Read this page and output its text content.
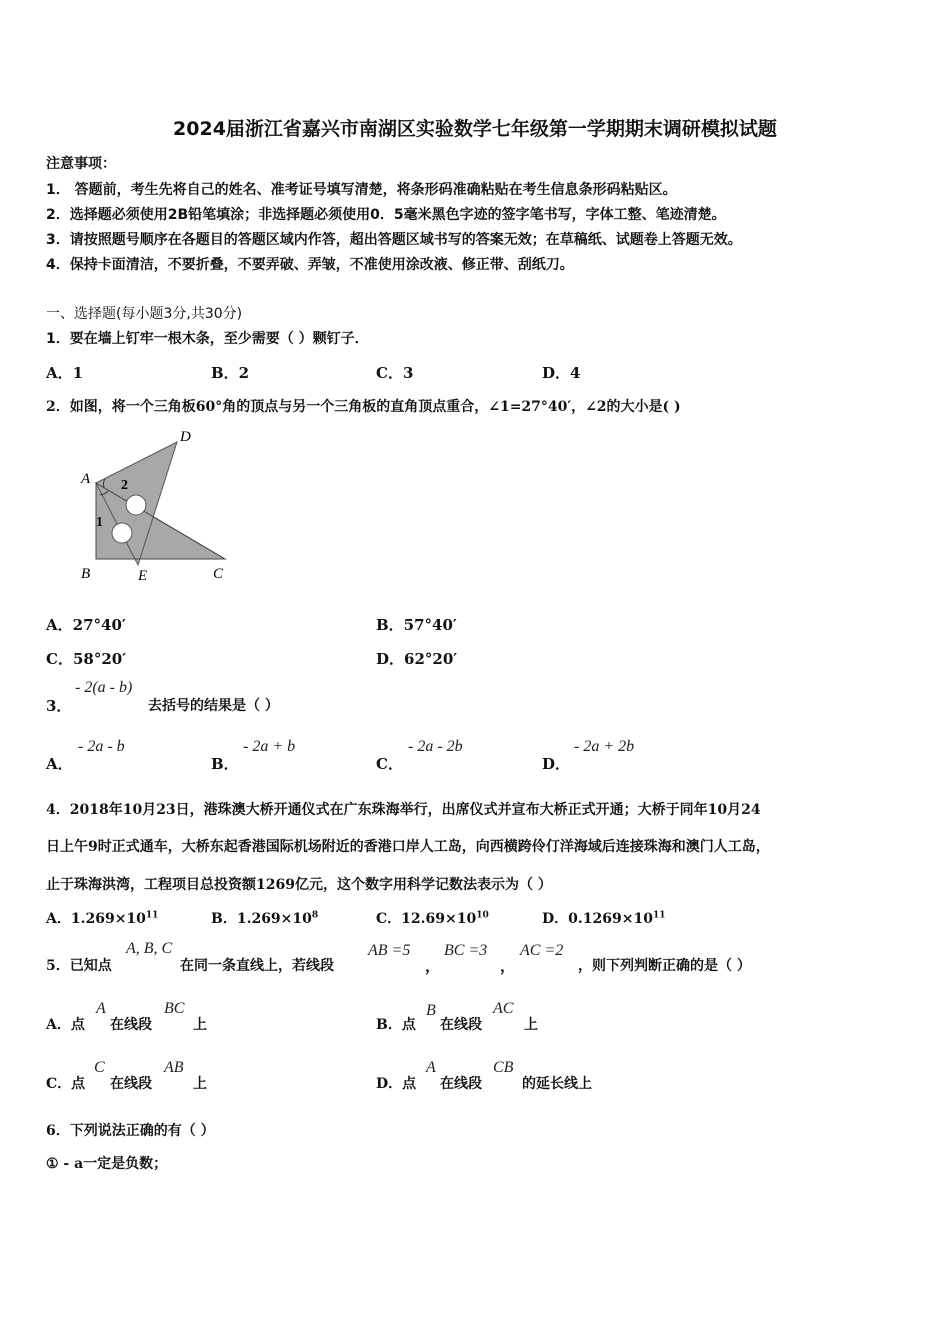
2024届浙江省嘉兴市南湖区实验数学七年级第一学期期末调研模拟试题
注意事项：
1． 答题前，考生先将自己的姓名、准考证号填写清楚，将条形码准确粘贴在考生信息条形码粘贴区。
2．选择题必须使用2B铅笔填涂；非选择题必须使用0．5毫米黑色字迹的签字笔书写，字体工整、笔迹清楚。
3．请按照题号顺序在各题目的答题区域内作答，超出答题区域书写的答案无效；在草稿纸、试题卷上答题无效。
4．保持卡面清洁，不要折叠，不要弄破、弄皱，不准使用涂改液、修正带、刮纸刀。
一、选择题(每小题3分,共30分)
1．要在墙上钉牢一根木条，至少需要（ ）颗钉子．
A．1	B．2	C．3	D．4
2．如图，将一个三角板60°角的顶点与另一个三角板的直角顶点重合，∠1=27°40′，∠2的大小是( )
A
D
B	E	C
2
1
A．27°40′	B．57°40′
C．58°20′	D．62°20′
3．
- 2(a - b)
去括号的结果是（ ）
A．
- 2a - b
B．
- 2a + b
C．
- 2a - 2b
D．
- 2a + 2b
4．2018年10月23日，港珠澳大桥开通仪式在广东珠海举行，出席仪式并宣布大桥正式开通；大桥于同年10月24
日上午9时正式通车，大桥东起香港国际机场附近的香港口岸人工岛，向西横跨伶仃洋海域后连接珠海和澳门人工岛，
止于珠海洪湾，工程项目总投资额1269亿元，这个数字用科学记数法表示为（ ）
A．$1.269\times 10^{11}$	B．$1.269\times 10^8$	C．$12.69\times 10^{10}$	D．$0.1269\times 10^{11}$
5．已知点
A, B, C
在同一条直线上，若线段
AB =5
，
BC =3
，
AC =2
，则下列判断正确的是（ ）
A．点
A
在线段
BC
上	B．点
B
在线段
AC
上
C．点
C
在线段
AB
上	D．点
A
在线段
CB
的延长线上
6．下列说法正确的有（ ）
① - a一定是负数；
